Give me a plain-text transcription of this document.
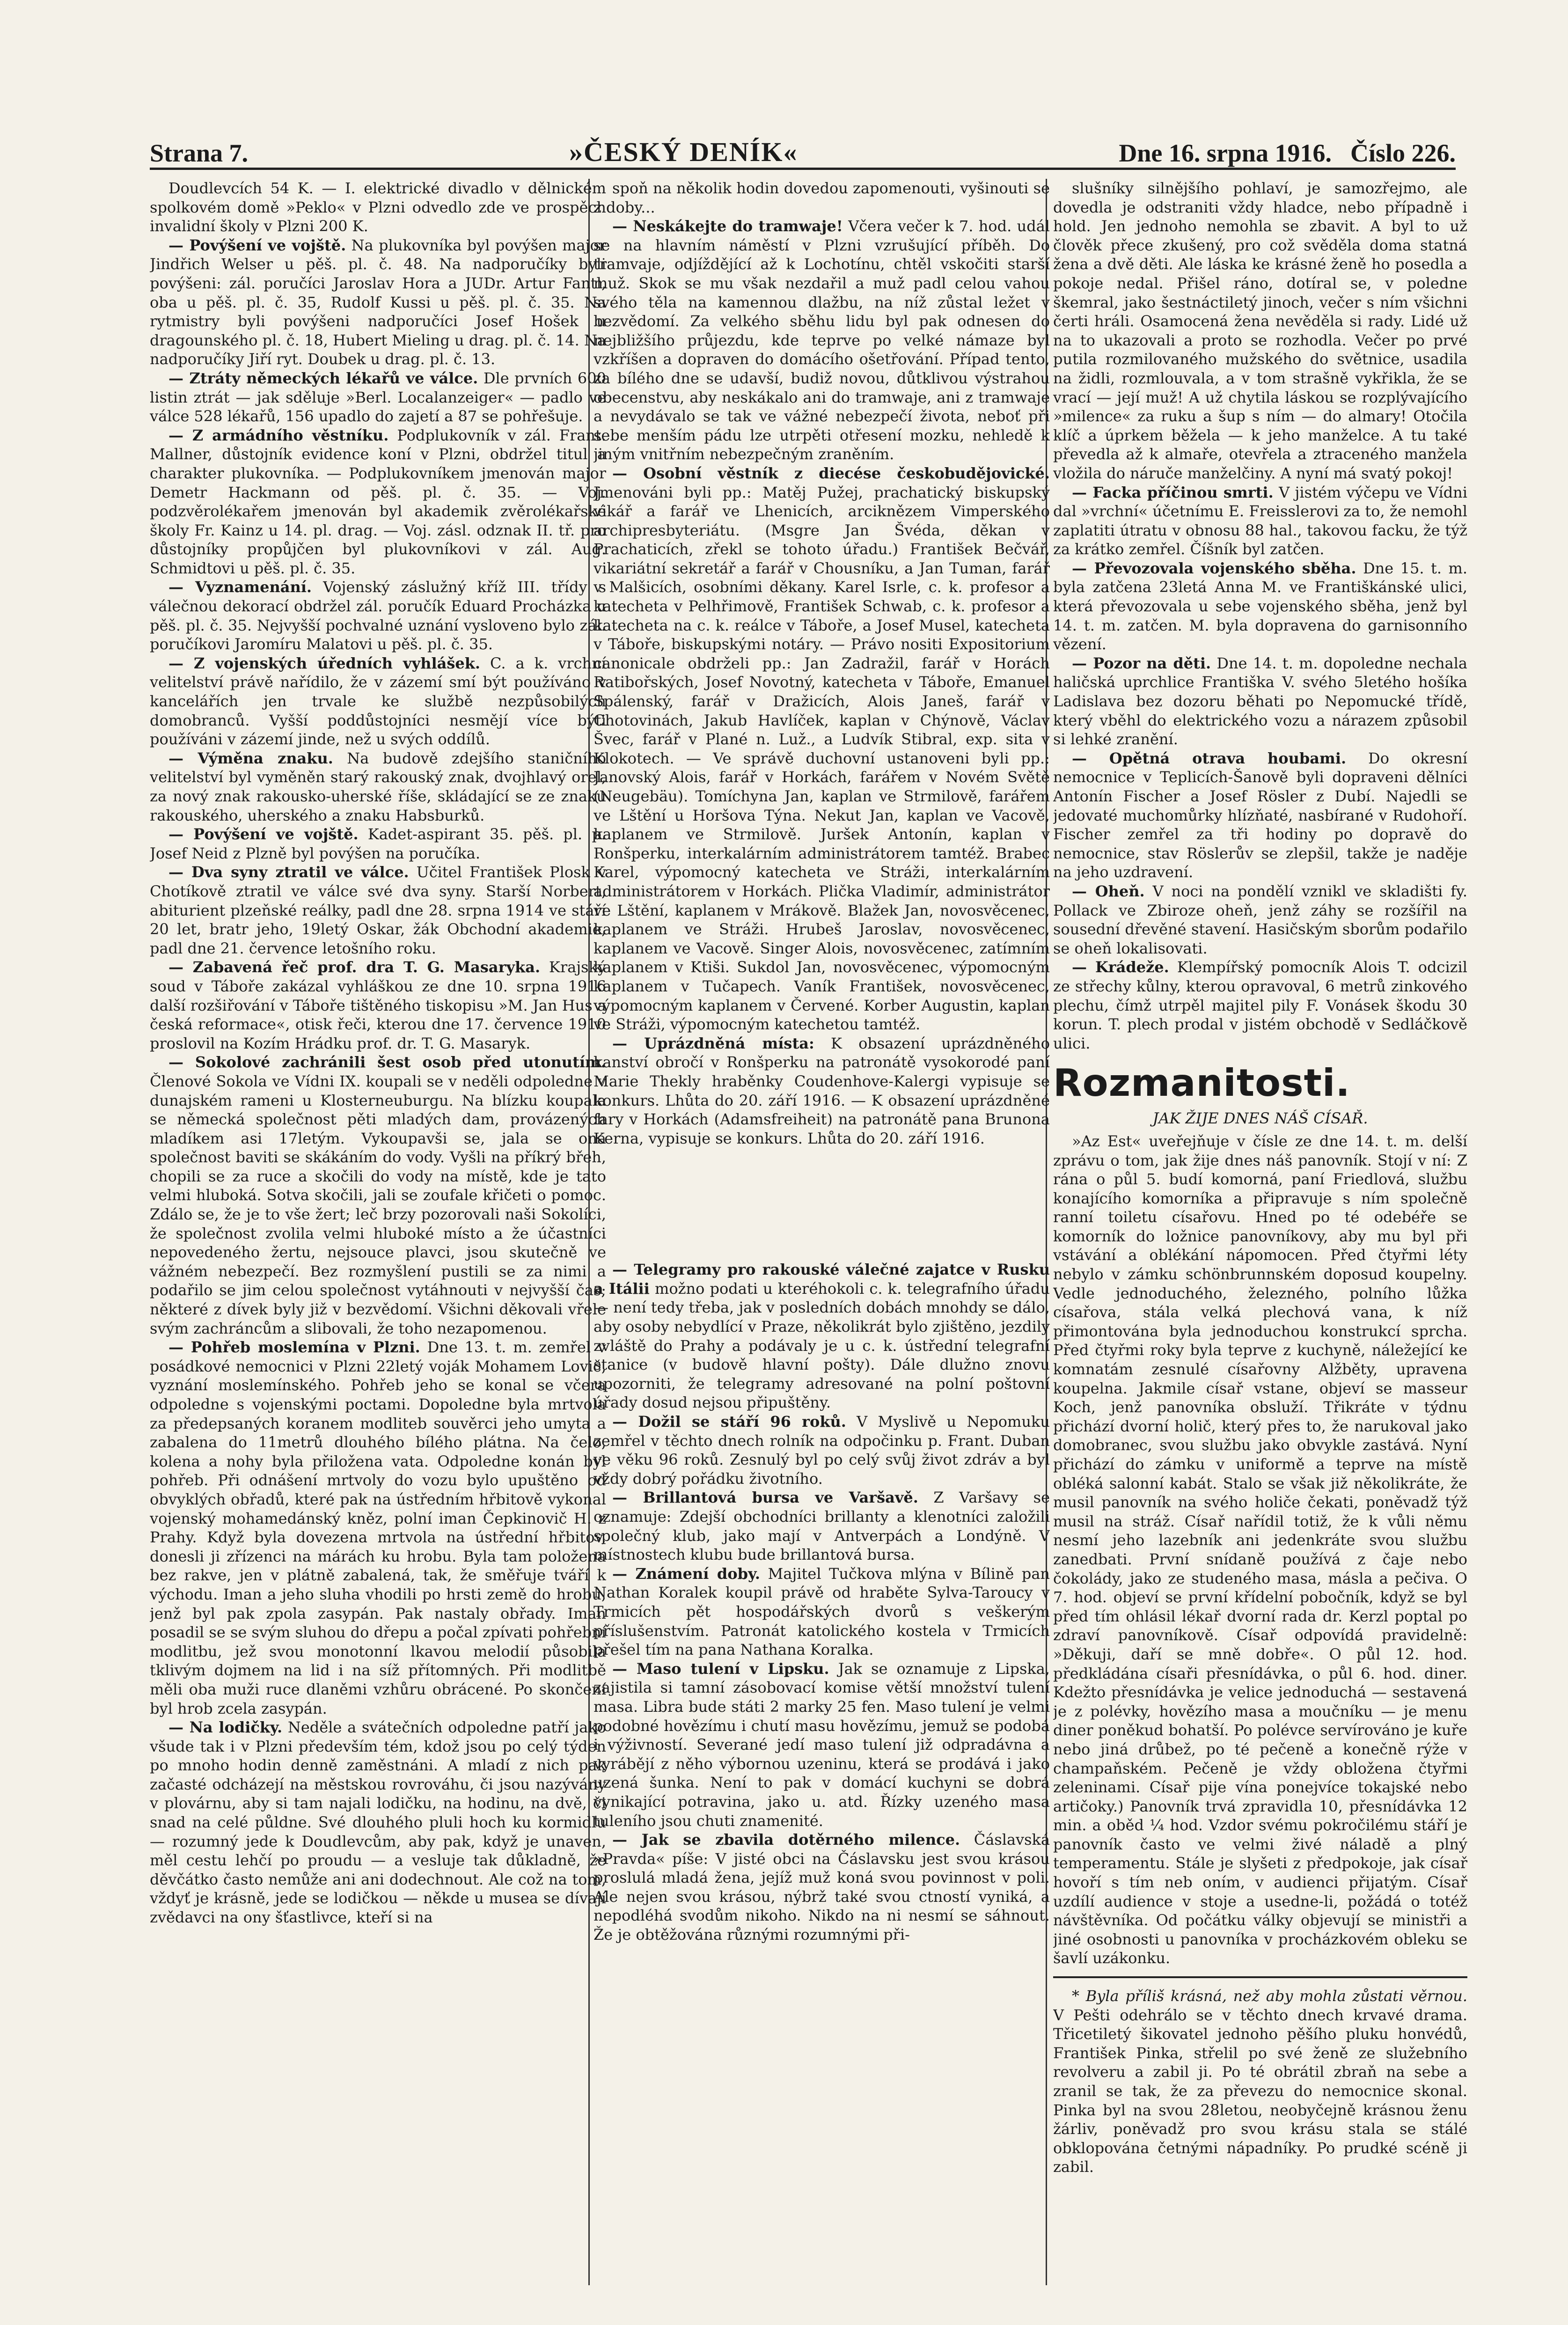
Strana 7.	»ČESKÝ DENÍK«	Dne 16. srpna 1916. Číslo 226.

Doudlevcích 54 K. — I. elektrické divadlo v dělnickém spolkovém domě »Peklo« v Plzni odvedlo zde ve prospěch invalidní školy v Plzni 200 K.

— Povýšení ve vojště. Na plukovníka byl povýšen major Jindřich Welser u pěš. pl. č. 48. Na nadporučíky byli povýšeni: zál. poručíci Jaroslav Hora a JUDr. Artur Fantl, oba u pěš. pl. č. 35, Rudolf Kussi u pěš. pl. č. 35. Na rytmistry byli povýšeni nadporučíci Josef Hošek u dragounského pl. č. 18, Hubert Mieling u drag. pl. č. 14. Na nadporučíky Jiří ryt. Doubek u drag. pl. č. 13.

— Ztráty německých lékařů ve válce. Dle prvních 600 listin ztrát — jak sděluje »Berl. Localanzeiger« — padlo ve válce 528 lékařů, 156 upadlo do zajetí a 87 se pohřešuje.

— Z armádního věstníku. Podplukovník v zál. Frant. Mallner, důstojník evidence koní v Plzni, obdržel titul a charakter plukovníka. — Podplukovníkem jmenován major Demetr Hackmann od pěš. pl. č. 35. — Voj. podzvěrolékařem jmenován byl akademik zvěrolékařské školy Fr. Kainz u 14. pl. drag. — Voj. zásl. odznak II. tř. pro důstojníky propůjčen byl plukovníkovi v zál. Aug. Schmidtovi u pěš. pl. č. 35.

— Vyznamenání. Vojenský záslužný kříž III. třídy s válečnou dekorací obdržel zál. poručík Eduard Procházka u pěš. pl. č. 35. Nejvyšší pochvalné uznání vysloveno bylo zál. poručíkovi Jaromíru Malatovi u pěš. pl. č. 35.

— Z vojenských úředních vyhlášek. C. a k. vrchní velitelství právě nařídilo, že v zázemí smí být používáno v kancelářích jen trvale ke službě nezpůsobilých domobranců. Vyšší poddůstojníci nesmějí více býti používáni v zázemí jinde, než u svých oddílů.

— Výměna znaku. Na budově zdejšího staničního velitelství byl vyměněn starý rakouský znak, dvojhlavý orel, za nový znak rakousko-uherské říše, skládající se ze znaku rakouského, uherského a znaku Habsburků.

— Povýšení ve vojště. Kadet-aspirant 35. pěš. pl. p. Josef Neid z Plzně byl povýšen na poručíka.

— Dva syny ztratil ve válce. Učitel František Plosk v Chotíkově ztratil ve válce své dva syny. Starší Norbert, abiturient plzeňské reálky, padl dne 28. srpna 1914 ve stáří 20 let, bratr jeho, 19letý Oskar, žák Obchodní akademie, padl dne 21. července letošního roku.

— Zabavená řeč prof. dra T. G. Masaryka. Krajský soud v Táboře zakázal vyhláškou ze dne 10. srpna 1916 další rozšiřování v Táboře tištěného tiskopisu »M. Jan Hus a česká reformace«, otisk řeči, kterou dne 17. července 1910 proslovil na Kozím Hrádku prof. dr. T. G. Masaryk.

— Sokolové zachránili šest osob před utonutím. Členové Sokola ve Vídni IX. koupali se v neděli odpoledne v dunajském rameni u Klosterneuburgu. Na blízku koupala se německá společnost pěti mladých dam, provázených mladíkem asi 17letým. Vykoupavši se, jala se ona společnost baviti se skákáním do vody. Vyšli na příkrý břeh, chopili se za ruce a skočili do vody na místě, kde je tato velmi hluboká. Sotva skočili, jali se zoufale křičeti o pomoc. Zdálo se, že je to vše žert; leč brzy pozorovali naši Sokolíci, že společnost zvolila velmi hluboké místo a že účastníci nepovedeného žertu, nejsouce plavci, jsou skutečně ve vážném nebezpečí. Bez rozmyšlení pustili se za nimi a podařilo se jim celou společnost vytáhnouti v nejvyšší čas; některé z dívek byly již v bezvědomí. Všichni děkovali vřele svým zachráncům a slibovali, že toho nezapomenou.

— Pohřeb moslemína v Plzni. Dne 13. t. m. zemřel v posádkové nemocnici v Plzni 22letý voják Mohamem Lovič, vyznání moslemínského. Pohřeb jeho se konal se včera odpoledne s vojenskými poctami. Dopoledne byla mrtvola za předepsaných koranem modliteb souvěrci jeho umyta a zabalena do 11metrů dlouhého bílého plátna. Na čelo, kolena a nohy byla přiložena vata. Odpoledne konán byl pohřeb. Při odnášení mrtvoly do vozu bylo upuštěno od obvyklých obřadů, které pak na ústředním hřbitově vykonal vojenský mohamedánský kněz, polní iman Čepkinovič H. z Prahy. Když byla dovezena mrtvola na ústřední hřbitov, donesli ji zřízenci na márách ku hrobu. Byla tam položena bez rakve, jen v plátně zabalená, tak, že směřuje tváří k východu. Iman a jeho sluha vhodili po hrsti země do hrobu, jenž byl pak zpola zasypán. Pak nastaly obřady. Iman posadil se se svým sluhou do dřepu a počal zpívati pohřební modlitbu, jež svou monotonní lkavou melodií působila tklivým dojmem na lid i na síž přítomných. Při modlitbě měli oba muži ruce dlaněmi vzhůru obrácené. Po skončení byl hrob zcela zasypán.

— Na lodičky. Neděle a svátečních odpoledne patří jako všude tak i v Plzni především tém, kdož jsou po celý týden po mnoho hodin denně zaměstnáni. A mladí z nich pak začasté odcházejí na městskou rovrováhu, či jsou nazývány v plovárnu, aby si tam najali lodičku, na hodinu, na dvě, či snad na celé půldne. Své dlouhého pluli hoch ku kormidlu — rozumný jede k Doudlevcům, aby pak, když je unaven, měl cestu lehčí po proudu — a vesluje tak důkladně, že děvčátko často nemůže ani ani dodechnout. Ale což na tom, vždyť je krásně, jede se lodičkou — někde u musea se dívají zvědavci na ony šťastlivce, kteří si na

spoň na několik hodin dovedou zapomenouti, vyšinouti se z doby...

— Neskákejte do tramwaje! Včera večer k 7. hod. udál se na hlavním náměstí v Plzni vzrušující příběh. Do tramvaje, odjíždějící až k Lochotínu, chtěl vskočiti starší muž. Skok se mu však nezdařil a muž padl celou vahou svého těla na kamennou dlažbu, na níž zůstal ležet v bezvědomí. Za velkého sběhu lidu byl pak odnesen do nejbližšího průjezdu, kde teprve po velké námaze byl vzkříšen a dopraven do domácího ošetřování. Případ tento, za bílého dne se udavší, budiž novou, důtklivou výstrahou obecenstvu, aby neskákalo ani do tramwaje, ani z tramwaje a nevydávalo se tak ve vážné nebezpečí života, neboť při sebe menším pádu lze utrpěti otřesení mozku, nehledě k jiným vnitřním nebezpečným zraněním.

— Osobní věstník z diecése českobudějovické. Jmenováni byli pp.: Matěj Pužej, prachatický biskupský vikář a farář ve Lhenicích, arciknězem Vimperského archipresbyteriátu. (Msgre Jan Švéda, děkan v Prachaticích, zřekl se tohoto úřadu.) František Bečvář, vikariátní sekretář a farář v Chousníku, a Jan Tuman, farář v Malšicích, osobními děkany. Karel Isrle, c. k. profesor a katecheta v Pelhřimově, František Schwab, c. k. profesor a katecheta na c. k. reálce v Táboře, a Josef Musel, katecheta v Táboře, biskupskými notáry. — Právo nositi Expositorium canonicale obdrželi pp.: Jan Zadražil, farář v Horách Ratibořských, Josef Novotný, katecheta v Táboře, Emanuel Spálenský, farář v Dražicích, Alois Janeš, farář v Chotovinách, Jakub Havlíček, kaplan v Chýnově, Václav Švec, farář v Plané n. Luž., a Ludvík Stibral, exp. sita v Klokotech. — Ve správě duchovní ustanoveni byli pp.: Janovský Alois, farář v Horkách, farářem v Novém Světě (Neugebäu). Tomíchyna Jan, kaplan ve Strmilově, farářem ve Lštění u Horšova Týna. Nekut Jan, kaplan ve Vacově, kaplanem ve Strmilově. Juršek Antonín, kaplan v Ronšperku, interkalárním administrátorem tamtéž. Brabec Karel, výpomocný katecheta ve Stráži, interkalárním administrátorem v Horkách. Plička Vladimír, administrátor ve Lštění, kaplanem v Mrákově. Blažek Jan, novosvěcenec, kaplanem ve Stráži. Hrubeš Jaroslav, novosvěcenec, kaplanem ve Vacově. Singer Alois, novosvěcenec, zatímním kaplanem v Ktiši. Sukdol Jan, novosvěcenec, výpomocným kaplanem v Tučapech. Vaník František, novosvěcenec, výpomocným kaplanem v Červené. Korber Augustin, kaplan ve Stráži, výpomocným katechetou tamtéž.

— Uprázdněná místa: K obsazení uprázdněného kanství obročí v Ronšperku na patronátě vysokorodé paní Marie Thekly hraběnky Coudenhove-Kalergi vypisuje se konkurs. Lhůta do 20. září 1916. — K obsazení uprázdněné fary v Horkách (Adamsfreiheit) na patronátě pana Brunona Kerna, vypisuje se konkurs. Lhůta do 20. září 1916.

— Telegramy pro rakouské válečné zajatce v Rusku a Itálii možno podati u kteréhokoli c. k. telegrafního úřadu — není tedy třeba, jak v posledních dobách mnohdy se dálo, aby osoby nebydlící v Praze, několikrát bylo zjištěno, jezdily zvláště do Prahy a podávaly je u c. k. ústřední telegrafní stanice (v budově hlavní pošty). Dále dlužno znovu upozorniti, že telegramy adresované na polní poštovní úřady dosud nejsou připuštěny.

— Dožil se stáří 96 roků. V Myslivě u Nepomuku zemřel v těchto dnech rolník na odpočinku p. Frant. Duban ve věku 96 roků. Zesnulý byl po celý svůj život zdráv a byl vždy dobrý pořádku životního.

— Brillantová bursa ve Varšavě. Z Varšavy se oznamuje: Zdejší obchodníci brillanty a klenotníci založili společný klub, jako mají v Antverpách a Londýně. V místnostech klubu bude brillantová bursa.

— Známení doby. Majitel Tučkova mlýna v Bílině pan Nathan Koralek koupil právě od hraběte Sylva-Taroucy v Trmicích pět hospodářských dvorů s veškerým příslušenstvím. Patronát katolického kostela v Trmicích přešel tím na pana Nathana Koralka.

— Maso tulení v Lipsku. Jak se oznamuje z Lipska, zajistila si tamní zásobovací komise větší množství tulení masa. Libra bude státi 2 marky 25 fen. Maso tulení je velmi podobné hovězímu i chutí masu hovězímu, jemuž se podobá i výživností. Severané jedí maso tulení již odpradávna a vyrábějí z něho výbornou uzeninu, která se prodává i jako uzená šunka. Není to pak v domácí kuchyni se dobrá vynikající potravina, jako u. atd. Řízky uzeného masa tuleního jsou chuti znamenité.

— Jak se zbavila dotěrného milence. Čáslavská »Pravda« píše: V jisté obci na Čáslavsku jest svou krásou proslulá mladá žena, jejíž muž koná svou povinnost v poli. Ale nejen svou krásou, nýbrž také svou ctností vyniká, a nepodléhá svodům nikoho. Nikdo na ni nesmí se sáhnout. Že je obtěžována různými rozumnými při-

slušníky silnějšího pohlaví, je samozřejmo, ale dovedla je odstraniti vždy hladce, nebo případně i hold. Jen jednoho nemohla se zbavit. A byl to už člověk přece zkušený, pro což svěděla doma statná žena a dvě děti. Ale láska ke krásné ženě ho posedla a pokoje nedal. Přišel ráno, dotíral se, v poledne škemral, jako šestnáctiletý jinoch, večer s ním všichni čerti hráli. Osamocená žena nevěděla si rady. Lidé už na to ukazovali a proto se rozhodla. Večer po prvé putila rozmilovaného mužského do světnice, usadila na židli, rozmlouvala, a v tom strašně vykřikla, že se vrací — její muž! A už chytila láskou se rozplývajícího »milence« za ruku a šup s ním — do almary! Otočila klíč a úprkem běžela — k jeho manželce. A tu také převedla až k almaře, otevřela a ztraceného manžela vložila do náruče manželčiny. A nyní má svatý pokoj!

— Facka příčinou smrti. V jistém výčepu ve Vídni dal »vrchní« účetnímu E. Freisslerovi za to, že nemohl zaplatiti útratu v obnosu 88 hal., takovou facku, že týž za krátko zemřel. Číšník byl zatčen.

— Převozovala vojenského sběha. Dne 15. t. m. byla zatčena 23letá Anna M. ve Františkánské ulici, která převozovala u sebe vojenského sběha, jenž byl 14. t. m. zatčen. M. byla dopravena do garnisonního vězení.

— Pozor na děti. Dne 14. t. m. dopoledne nechala haličská uprchlice Františka V. svého 5letého hošíka Ladislava bez dozoru běhati po Nepomucké třídě, který vběhl do elektrického vozu a nárazem způsobil si lehké zranění.

— Opětná otrava houbami. Do okresní nemocnice v Teplicích-Šanově byli dopraveni dělníci Antonín Fischer a Josef Rösler z Dubí. Najedli se jedovaté muchomůrky hlízňaté, nasbírané v Rudohoří. Fischer zemřel za tři hodiny po dopravě do nemocnice, stav Röslerův se zlepšil, takže je naděje na jeho uzdravení.

— Oheň. V noci na pondělí vznikl ve skladišti fy. Pollack ve Zbiroze oheň, jenž záhy se rozšířil na sousední dřevěné stavení. Hasičským sborům podařilo se oheň lokalisovati.

— Krádeže. Klempířský pomocník Alois T. odcizil ze střechy kůlny, kterou opravoval, 6 metrů zinkového plechu, čímž utrpěl majitel pily F. Vonásek škodu 30 korun. T. plech prodal v jistém obchodě v Sedláčkově ulici.

Rozmanitosti.

JAK ŽIJE DNES NÁŠ CÍSAŘ.

»Az Est« uveřejňuje v čísle ze dne 14. t. m. delší zprávu o tom, jak žije dnes náš panovník. Stojí v ní: Z rána o půl 5. budí komorná, paní Friedlová, službu konajícího komorníka a připravuje s ním společně ranní toiletu císařovu. Hned po té odebéře se komorník do ložnice panovníkovy, aby mu byl při vstávání a oblékání nápomocen. Před čtyřmi léty nebylo v zámku schönbrunnském doposud koupelny. Vedle jednoduchého, železného, polního lůžka císařova, stála velká plechová vana, k níž přimontována byla jednoduchou konstrukcí sprcha. Před čtyřmi roky byla teprve z kuchyně, náležející ke komnatám zesnulé císařovny Alžběty, upravena koupelna. Jakmile císař vstane, objeví se masseur Koch, jenž panovníka obsluží. Třikráte v týdnu přichází dvorní holič, který přes to, že narukoval jako domobranec, svou službu jako obvykle zastává. Nyní přichází do zámku v uniformě a teprve na místě obléká salonní kabát. Stalo se však již několikráte, že musil panovník na svého holiče čekati, poněvadž týž musil na stráž. Císař nařídil totiž, že k vůli němu nesmí jeho lazebník ani jedenkráte svou službu zanedbati. První snídaně používá z čaje nebo čokolády, jako ze studeného masa, másla a pečiva. O 7. hod. objeví se první křídelní pobočník, když se byl před tím ohlásil lékař dvorní rada dr. Kerzl poptal po zdraví panovníkově. Císař odpovídá pravidelně: »Děkuji, daří se mně dobře«. O půl 12. hod. předkládána císaři přesnídávka, o půl 6. hod. diner. Kdežto přesnídávka je velice jednoduchá — sestavená je z polévky, hovězího masa a moučníku — je menu diner poněkud bohatší. Po polévce servírováno je kuře nebo jiná drůbež, po té pečeně a konečně rýže v champaňském. Pečeně je vždy obložena čtyřmi zeleninami. Císař pije vína ponejvíce tokajské nebo artičoky.) Panovník trvá zpravidla 10, přesnídávka 12 min. a oběd ¼ hod. Vzdor svému pokročilému stáří je panovník často ve velmi živé náladě a plný temperamentu. Stále je slyšeti z předpokoje, jak císař hovoří s tím neb oním, v audienci přijatým. Císař uzdílí audience v stoje a usedne-li, požádá o totéž návštěvníka. Od počátku války objevují se ministři a jiné osobnosti u panovníka v procházkovém obleku se šavlí uzákonku.

* Byla příliš krásná, než aby mohla zůstati věrnou. V Pešti odehrálo se v těchto dnech krvavé drama. Třicetiletý šikovatel jednoho pěšího pluku honvédů, František Pinka, střelil po své ženě ze služebního revolveru a zabil ji. Po té obrátil zbraň na sebe a zranil se tak, že za převezu do nemocnice skonal. Pinka byl na svou 28letou, neobyčejně krásnou ženu žárliv, poněvadž pro svou krásu stala se stálé obklopována četnými nápadníky. Po prudké scéně ji zabil.
